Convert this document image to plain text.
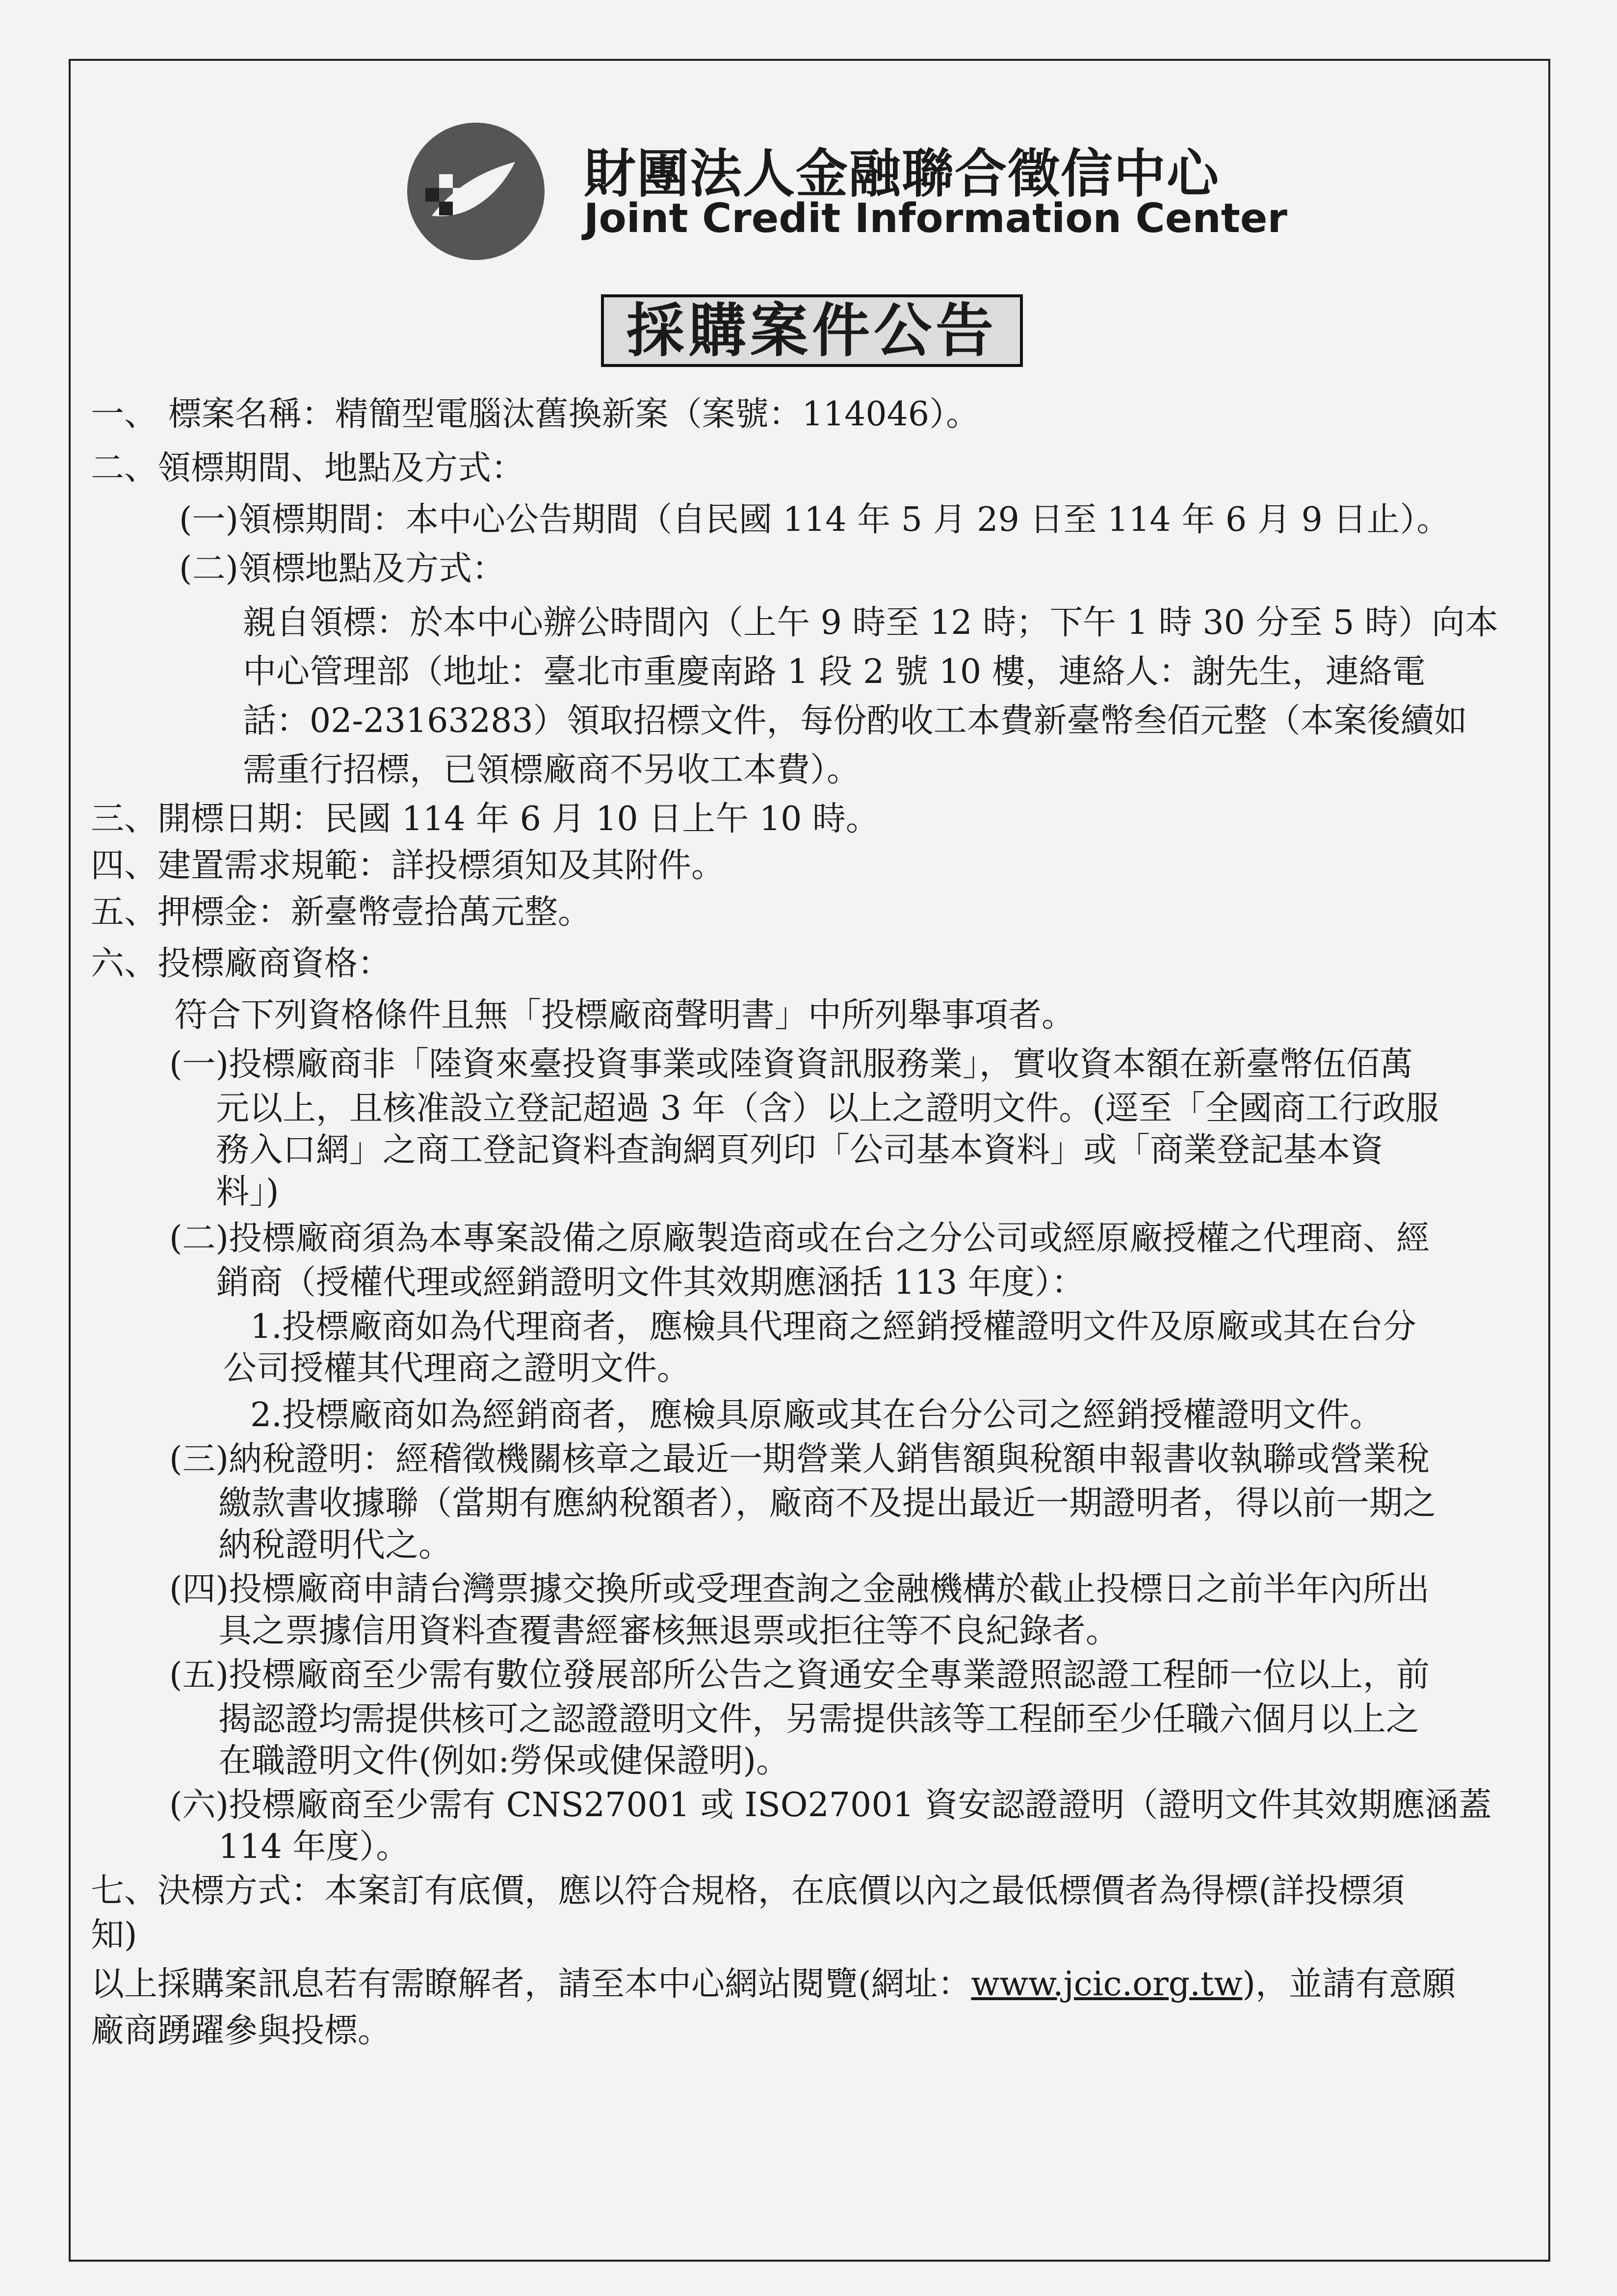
財團法人金融聯合徵信中心
Joint Credit Information Center
採購案件公告
一、 標案名稱：精簡型電腦汰舊換新案（案號：114046）。
二、領標期間、地點及方式：
(一)領標期間：本中心公告期間（自民國 114 年 5 月 29 日至 114 年 6 月 9 日止）。
(二)領標地點及方式：
親自領標：於本中心辦公時間內（上午 9 時至 12 時；下午 1 時 30 分至 5 時）向本
中心管理部（地址：臺北市重慶南路 1 段 2 號 10 樓，連絡人：謝先生，連絡電
話：02-23163283）領取招標文件，每份酌收工本費新臺幣叁佰元整（本案後續如
需重行招標，已領標廠商不另收工本費）。
三、開標日期：民國 114 年 6 月 10 日上午 10 時。
四、建置需求規範：詳投標須知及其附件。
五、押標金：新臺幣壹拾萬元整。
六、投標廠商資格：
符合下列資格條件且無「投標廠商聲明書」中所列舉事項者。
(一)投標廠商非「陸資來臺投資事業或陸資資訊服務業」，實收資本額在新臺幣伍佰萬
元以上，且核准設立登記超過 3 年（含）以上之證明文件。(逕至「全國商工行政服
務入口網」之商工登記資料查詢網頁列印「公司基本資料」或「商業登記基本資
料」)
(二)投標廠商須為本專案設備之原廠製造商或在台之分公司或經原廠授權之代理商、經
銷商（授權代理或經銷證明文件其效期應涵括 113 年度）：
1.投標廠商如為代理商者，應檢具代理商之經銷授權證明文件及原廠或其在台分
公司授權其代理商之證明文件。
2.投標廠商如為經銷商者，應檢具原廠或其在台分公司之經銷授權證明文件。
(三)納稅證明：經稽徵機關核章之最近一期營業人銷售額與稅額申報書收執聯或營業稅
繳款書收據聯（當期有應納稅額者），廠商不及提出最近一期證明者，得以前一期之
納稅證明代之。
(四)投標廠商申請台灣票據交換所或受理查詢之金融機構於截止投標日之前半年內所出
具之票據信用資料查覆書經審核無退票或拒往等不良紀錄者。
(五)投標廠商至少需有數位發展部所公告之資通安全專業證照認證工程師一位以上，前
揭認證均需提供核可之認證證明文件，另需提供該等工程師至少任職六個月以上之
在職證明文件(例如:勞保或健保證明)。
(六)投標廠商至少需有 CNS27001 或 ISO27001 資安認證證明（證明文件其效期應涵蓋
114 年度）。
七、決標方式：本案訂有底價，應以符合規格，在底價以內之最低標價者為得標(詳投標須
知)
以上採購案訊息若有需瞭解者，請至本中心網站閱覽(網址：www.jcic.org.tw)，並請有意願
廠商踴躍參與投標。
